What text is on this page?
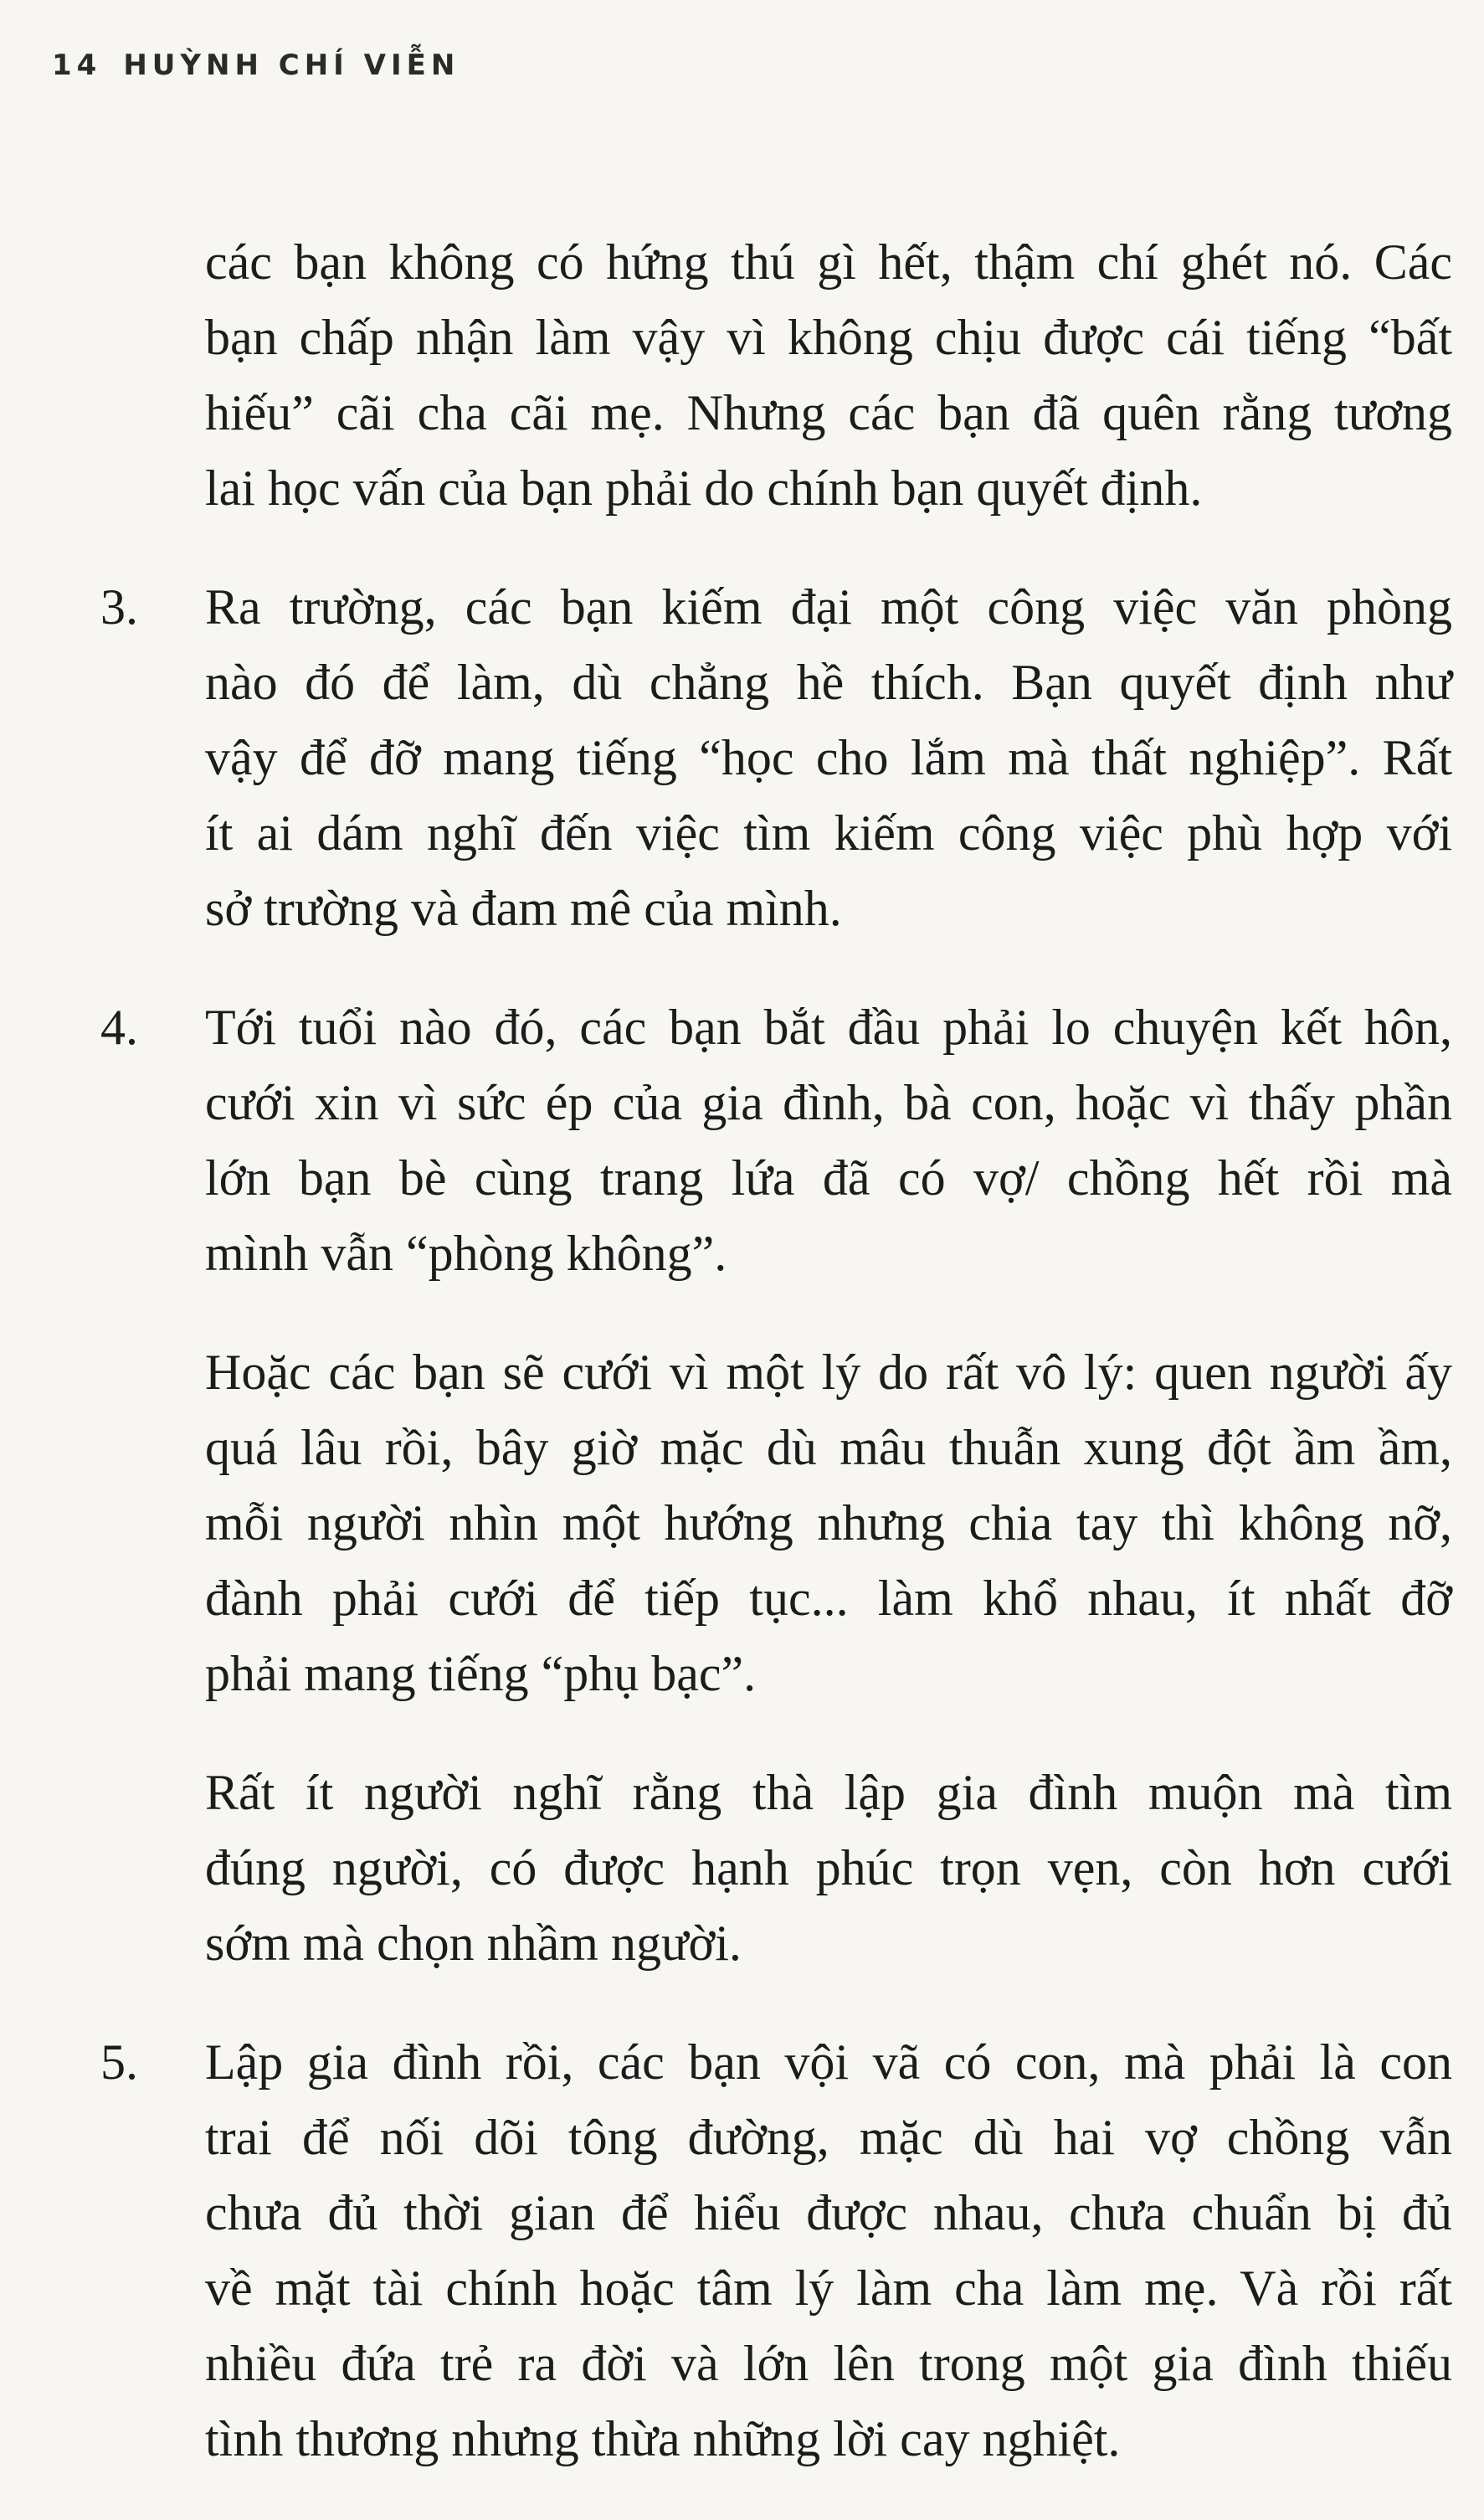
14 HUỲNH CHÍ VIỄN
các bạn không có hứng thú gì hết, thậm chí ghét nó. Các
bạn chấp nhận làm vậy vì không chịu được cái tiếng “bất
hiếu” cãi cha cãi mẹ. Nhưng các bạn đã quên rằng tương
lai học vấn của bạn phải do chính bạn quyết định.
3.	Ra trường, các bạn kiếm đại một công việc văn phòng
nào đó để làm, dù chẳng hề thích. Bạn quyết định như
vậy để đỡ mang tiếng “học cho lắm mà thất nghiệp”. Rất
ít ai dám nghĩ đến việc tìm kiếm công việc phù hợp với
sở trường và đam mê của mình.
4.	Tới tuổi nào đó, các bạn bắt đầu phải lo chuyện kết hôn,
cưới xin vì sức ép của gia đình, bà con, hoặc vì thấy phần
lớn bạn bè cùng trang lứa đã có vợ/ chồng hết rồi mà
mình vẫn “phòng không”.
Hoặc các bạn sẽ cưới vì một lý do rất vô lý: quen người ấy
quá lâu rồi, bây giờ mặc dù mâu thuẫn xung đột ầm ầm,
mỗi người nhìn một hướng nhưng chia tay thì không nỡ,
đành phải cưới để tiếp tục... làm khổ nhau, ít nhất đỡ
phải mang tiếng “phụ bạc”.
Rất ít người nghĩ rằng thà lập gia đình muộn mà tìm
đúng người, có được hạnh phúc trọn vẹn, còn hơn cưới
sớm mà chọn nhầm người.
5.	Lập gia đình rồi, các bạn vội vã có con, mà phải là con
trai để nối dõi tông đường, mặc dù hai vợ chồng vẫn
chưa đủ thời gian để hiểu được nhau, chưa chuẩn bị đủ
về mặt tài chính hoặc tâm lý làm cha làm mẹ. Và rồi rất
nhiều đứa trẻ ra đời và lớn lên trong một gia đình thiếu
tình thương nhưng thừa những lời cay nghiệt.
